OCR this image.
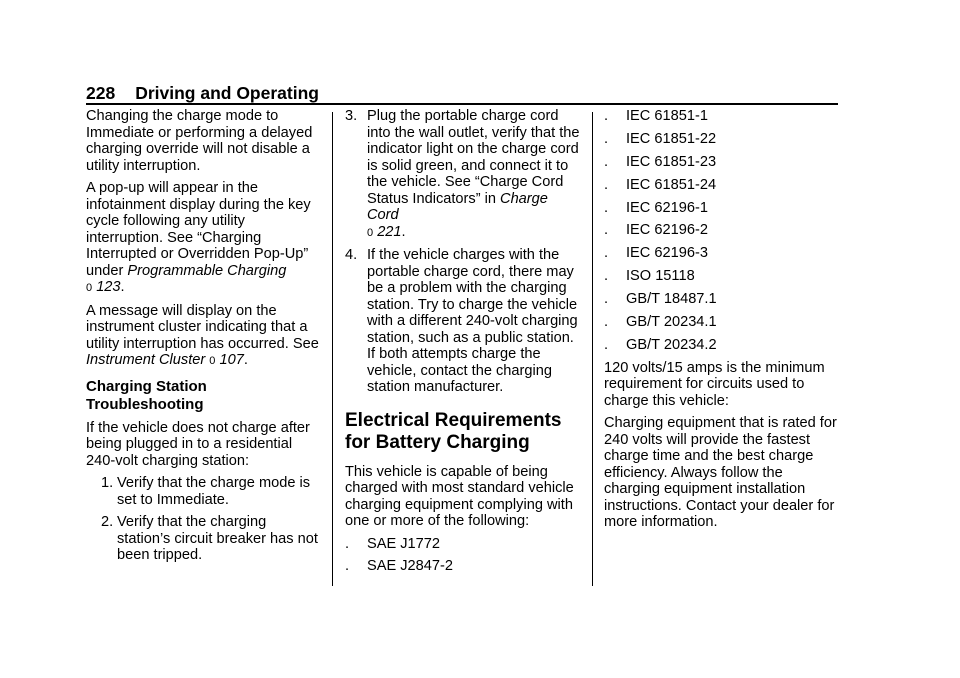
228 Driving and Operating

Changing the charge mode to Immediate or performing a delayed charging override will not disable a utility interruption.

A pop-up will appear in the infotainment display during the key cycle following any utility interruption. See “Charging Interrupted or Overridden Pop-Up” under Programmable Charging
0 123.

A message will display on the instrument cluster indicating that a utility interruption has occurred. See Instrument Cluster 0 107.

Charging Station Troubleshooting

If the vehicle does not charge after being plugged in to a residential 240-volt charging station:

1. Verify that the charge mode is set to Immediate.
2. Verify that the charging station’s circuit breaker has not been tripped.
3. Plug the portable charge cord into the wall outlet, verify that the indicator light on the charge cord is solid green, and connect it to the vehicle. See “Charge Cord Status Indicators” in Charge Cord
0 221.
4. If the vehicle charges with the portable charge cord, there may be a problem with the charging station. Try to charge the vehicle with a different 240-volt charging station, such as a public station. If both attempts charge the vehicle, contact the charging station manufacturer.
Electrical Requirements for Battery Charging

This vehicle is capable of being charged with most standard vehicle charging equipment complying with one or more of the following:

. SAE J1772
. SAE J2847-2
. IEC 61851-1
. IEC 61851-22
. IEC 61851-23
. IEC 61851-24
. IEC 62196-1
. IEC 62196-2
. IEC 62196-3
. ISO 15118
. GB/T 18487.1
. GB/T 20234.1
. GB/T 20234.2

120 volts/15 amps is the minimum requirement for circuits used to charge this vehicle:

Charging equipment that is rated for 240 volts will provide the fastest charge time and the best charge efficiency. Always follow the charging equipment installation instructions. Contact your dealer for more information.
